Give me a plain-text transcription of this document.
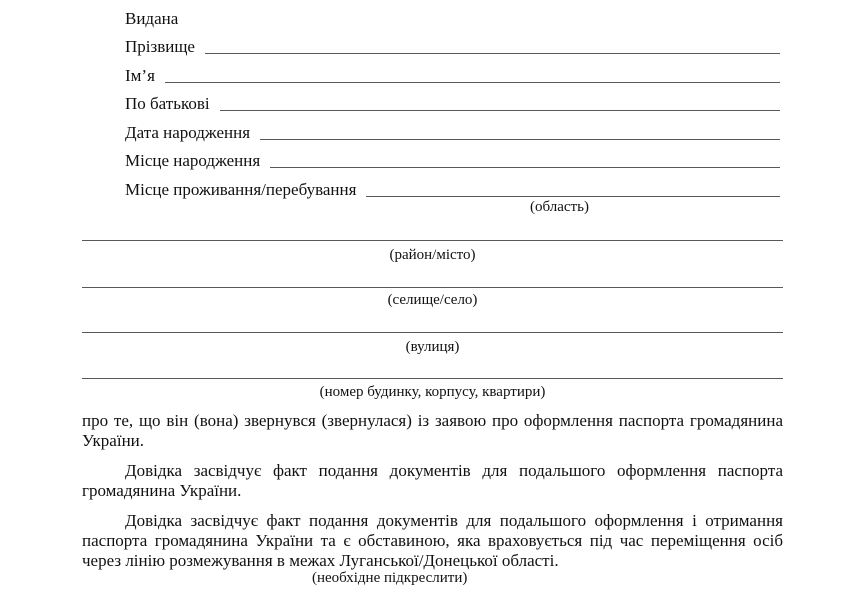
Видана
Прізвище
Ім’я
По батькові
Дата народження
Місце народження
Місце проживання/перебування
(область)
(район/місто)
(селище/село)
(вулиця)
(номер будинку, корпусу, квартири)

про те, що він (вона) звернувся (звернулася) із заявою про оформлення паспорта громадянина України.

Довідка засвідчує факт подання документів для подальшого оформлення паспорта громадянина України.

Довідка засвідчує факт подання документів для подальшого оформлення і отримання паспорта громадянина України та є обставиною, яка враховується під час переміщення осіб через лінію розмежування в межах Луганської/Донецької області.

(необхідне підкреслити)
